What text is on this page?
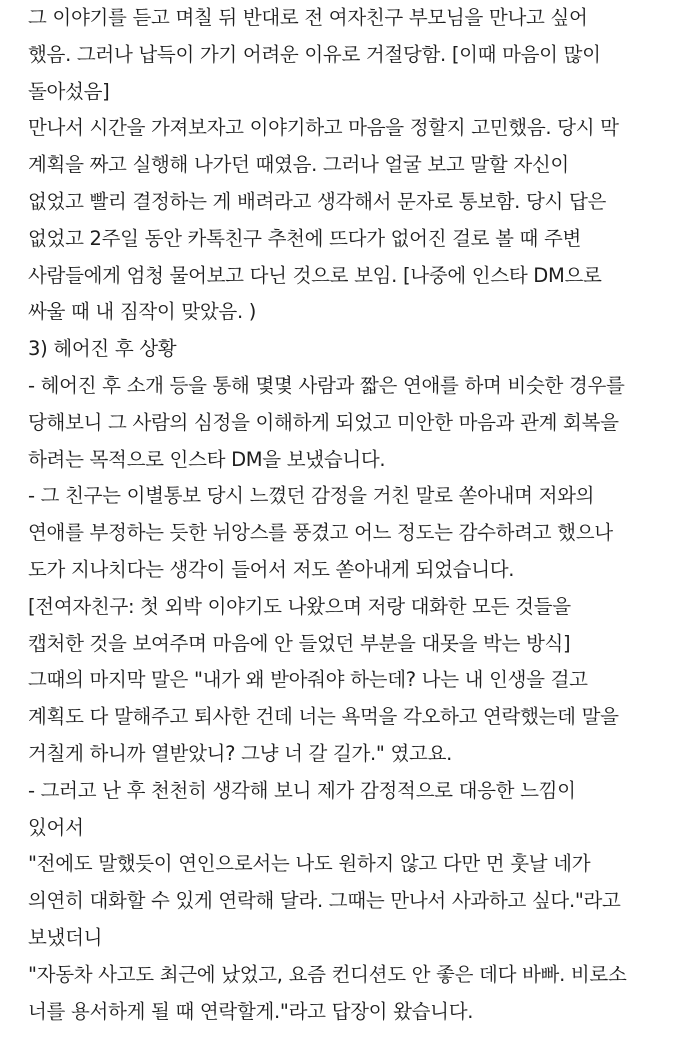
그 이야기를 듣고 며칠 뒤 반대로 전 여자친구 부모님을 만나고 싶어

했음. 그러나 납득이 가기 어려운 이유로 거절당함. [이때 마음이 많이

돌아섰음]

만나서 시간을 가져보자고 이야기하고 마음을 정할지 고민했음. 당시 막

계획을 짜고 실행해 나가던 때였음. 그러나 얼굴 보고 말할 자신이

없었고 빨리 결정하는 게 배려라고 생각해서 문자로 통보함. 당시 답은

없었고 2주일 동안 카톡친구 추천에 뜨다가 없어진 걸로 볼 때 주변

사람들에게 엄청 물어보고 다닌 것으로 보임. [나중에 인스타 DM으로

싸울 때 내 짐작이 맞았음. )

3) 헤어진 후 상황

- 헤어진 후 소개 등을 통해 몇몇 사람과 짧은 연애를 하며 비슷한 경우를

당해보니 그 사람의 심정을 이해하게 되었고 미안한 마음과 관계 회복을

하려는 목적으로 인스타 DM을 보냈습니다.

- 그 친구는 이별통보 당시 느꼈던 감정을 거친 말로 쏟아내며 저와의

연애를 부정하는 듯한 뉘앙스를 풍겼고 어느 정도는 감수하려고 했으나

도가 지나치다는 생각이 들어서 저도 쏟아내게 되었습니다.

[전여자친구: 첫 외박 이야기도 나왔으며 저랑 대화한 모든 것들을

캡처한 것을 보여주며 마음에 안 들었던 부분을 대못을 박는 방식]

그때의 마지막 말은 "내가 왜 받아줘야 하는데? 나는 내 인생을 걸고

계획도 다 말해주고 퇴사한 건데 너는 욕먹을 각오하고 연락했는데 말을

거칠게 하니까 열받았니? 그냥 너 갈 길가." 였고요.

- 그러고 난 후 천천히 생각해 보니 제가 감정적으로 대응한 느낌이

있어서

"전에도 말했듯이 연인으로서는 나도 원하지 않고 다만 먼 훗날 네가

의연히 대화할 수 있게 연락해 달라. 그때는 만나서 사과하고 싶다."라고

보냈더니

"자동차 사고도 최근에 났었고, 요즘 컨디션도 안 좋은 데다 바빠. 비로소

너를 용서하게 될 때 연락할게."라고 답장이 왔습니다.
